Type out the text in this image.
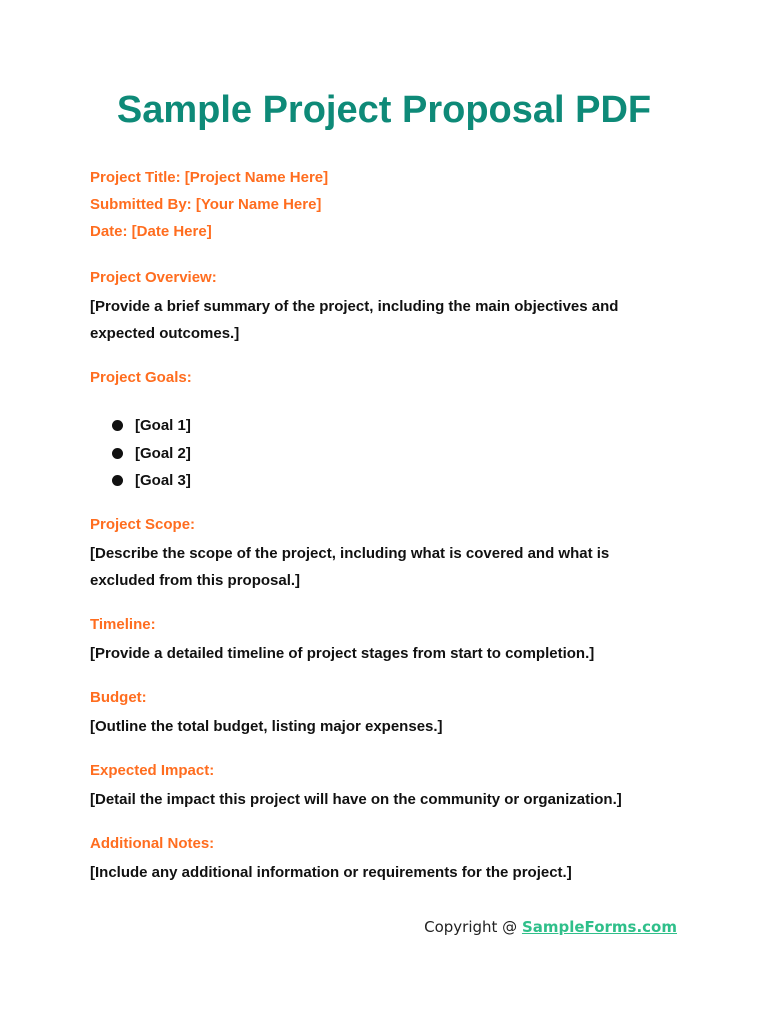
Sample Project Proposal PDF
Project Title: [Project Name Here]
Submitted By: [Your Name Here]
Date: [Date Here]

Project Overview:

[Provide a brief summary of the project, including the main objectives and
expected outcomes.]

Project Goals:

[Goal 1]
[Goal 2]
[Goal 3]

Project Scope:

[Describe the scope of the project, including what is covered and what is
excluded from this proposal.]

Timeline:

[Provide a detailed timeline of project stages from start to completion.]

Budget:

[Outline the total budget, listing major expenses.]

Expected Impact:

[Detail the impact this project will have on the community or organization.]

Additional Notes:

[Include any additional information or requirements for the project.]

Copyright @ SampleForms.com
